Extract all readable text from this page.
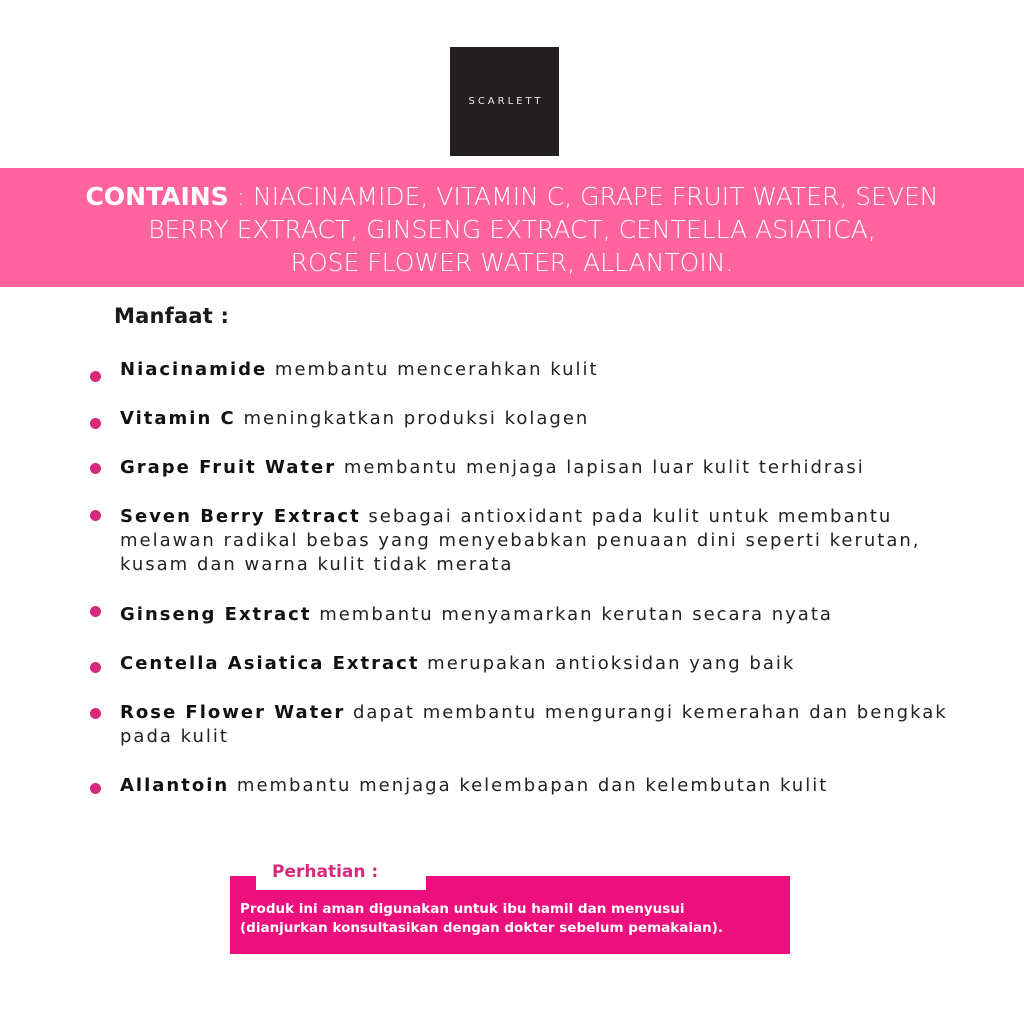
SCARLETT
CONTAINS : NIACINAMIDE, VITAMIN C, GRAPE FRUIT WATER, SEVEN
BERRY EXTRACT, GINSENG EXTRACT, CENTELLA ASIATICA,
ROSE FLOWER WATER, ALLANTOIN.
Manfaat :
Niacinamide membantu mencerahkan kulit
Vitamin C meningkatkan produksi kolagen
Grape Fruit Water membantu menjaga lapisan luar kulit terhidrasi
Seven Berry Extract sebagai antioxidant pada kulit untuk membantu melawan radikal bebas yang menyebabkan penuaan dini seperti kerutan, kusam dan warna kulit tidak merata
Ginseng Extract membantu menyamarkan kerutan secara nyata
Centella Asiatica Extract merupakan antioksidan yang baik
Rose Flower Water dapat membantu mengurangi kemerahan dan bengkak pada kulit
Allantoin membantu menjaga kelembapan dan kelembutan kulit
Perhatian :
Produk ini aman digunakan untuk ibu hamil dan menyusui
(dianjurkan konsultasikan dengan dokter sebelum pemakaian).
